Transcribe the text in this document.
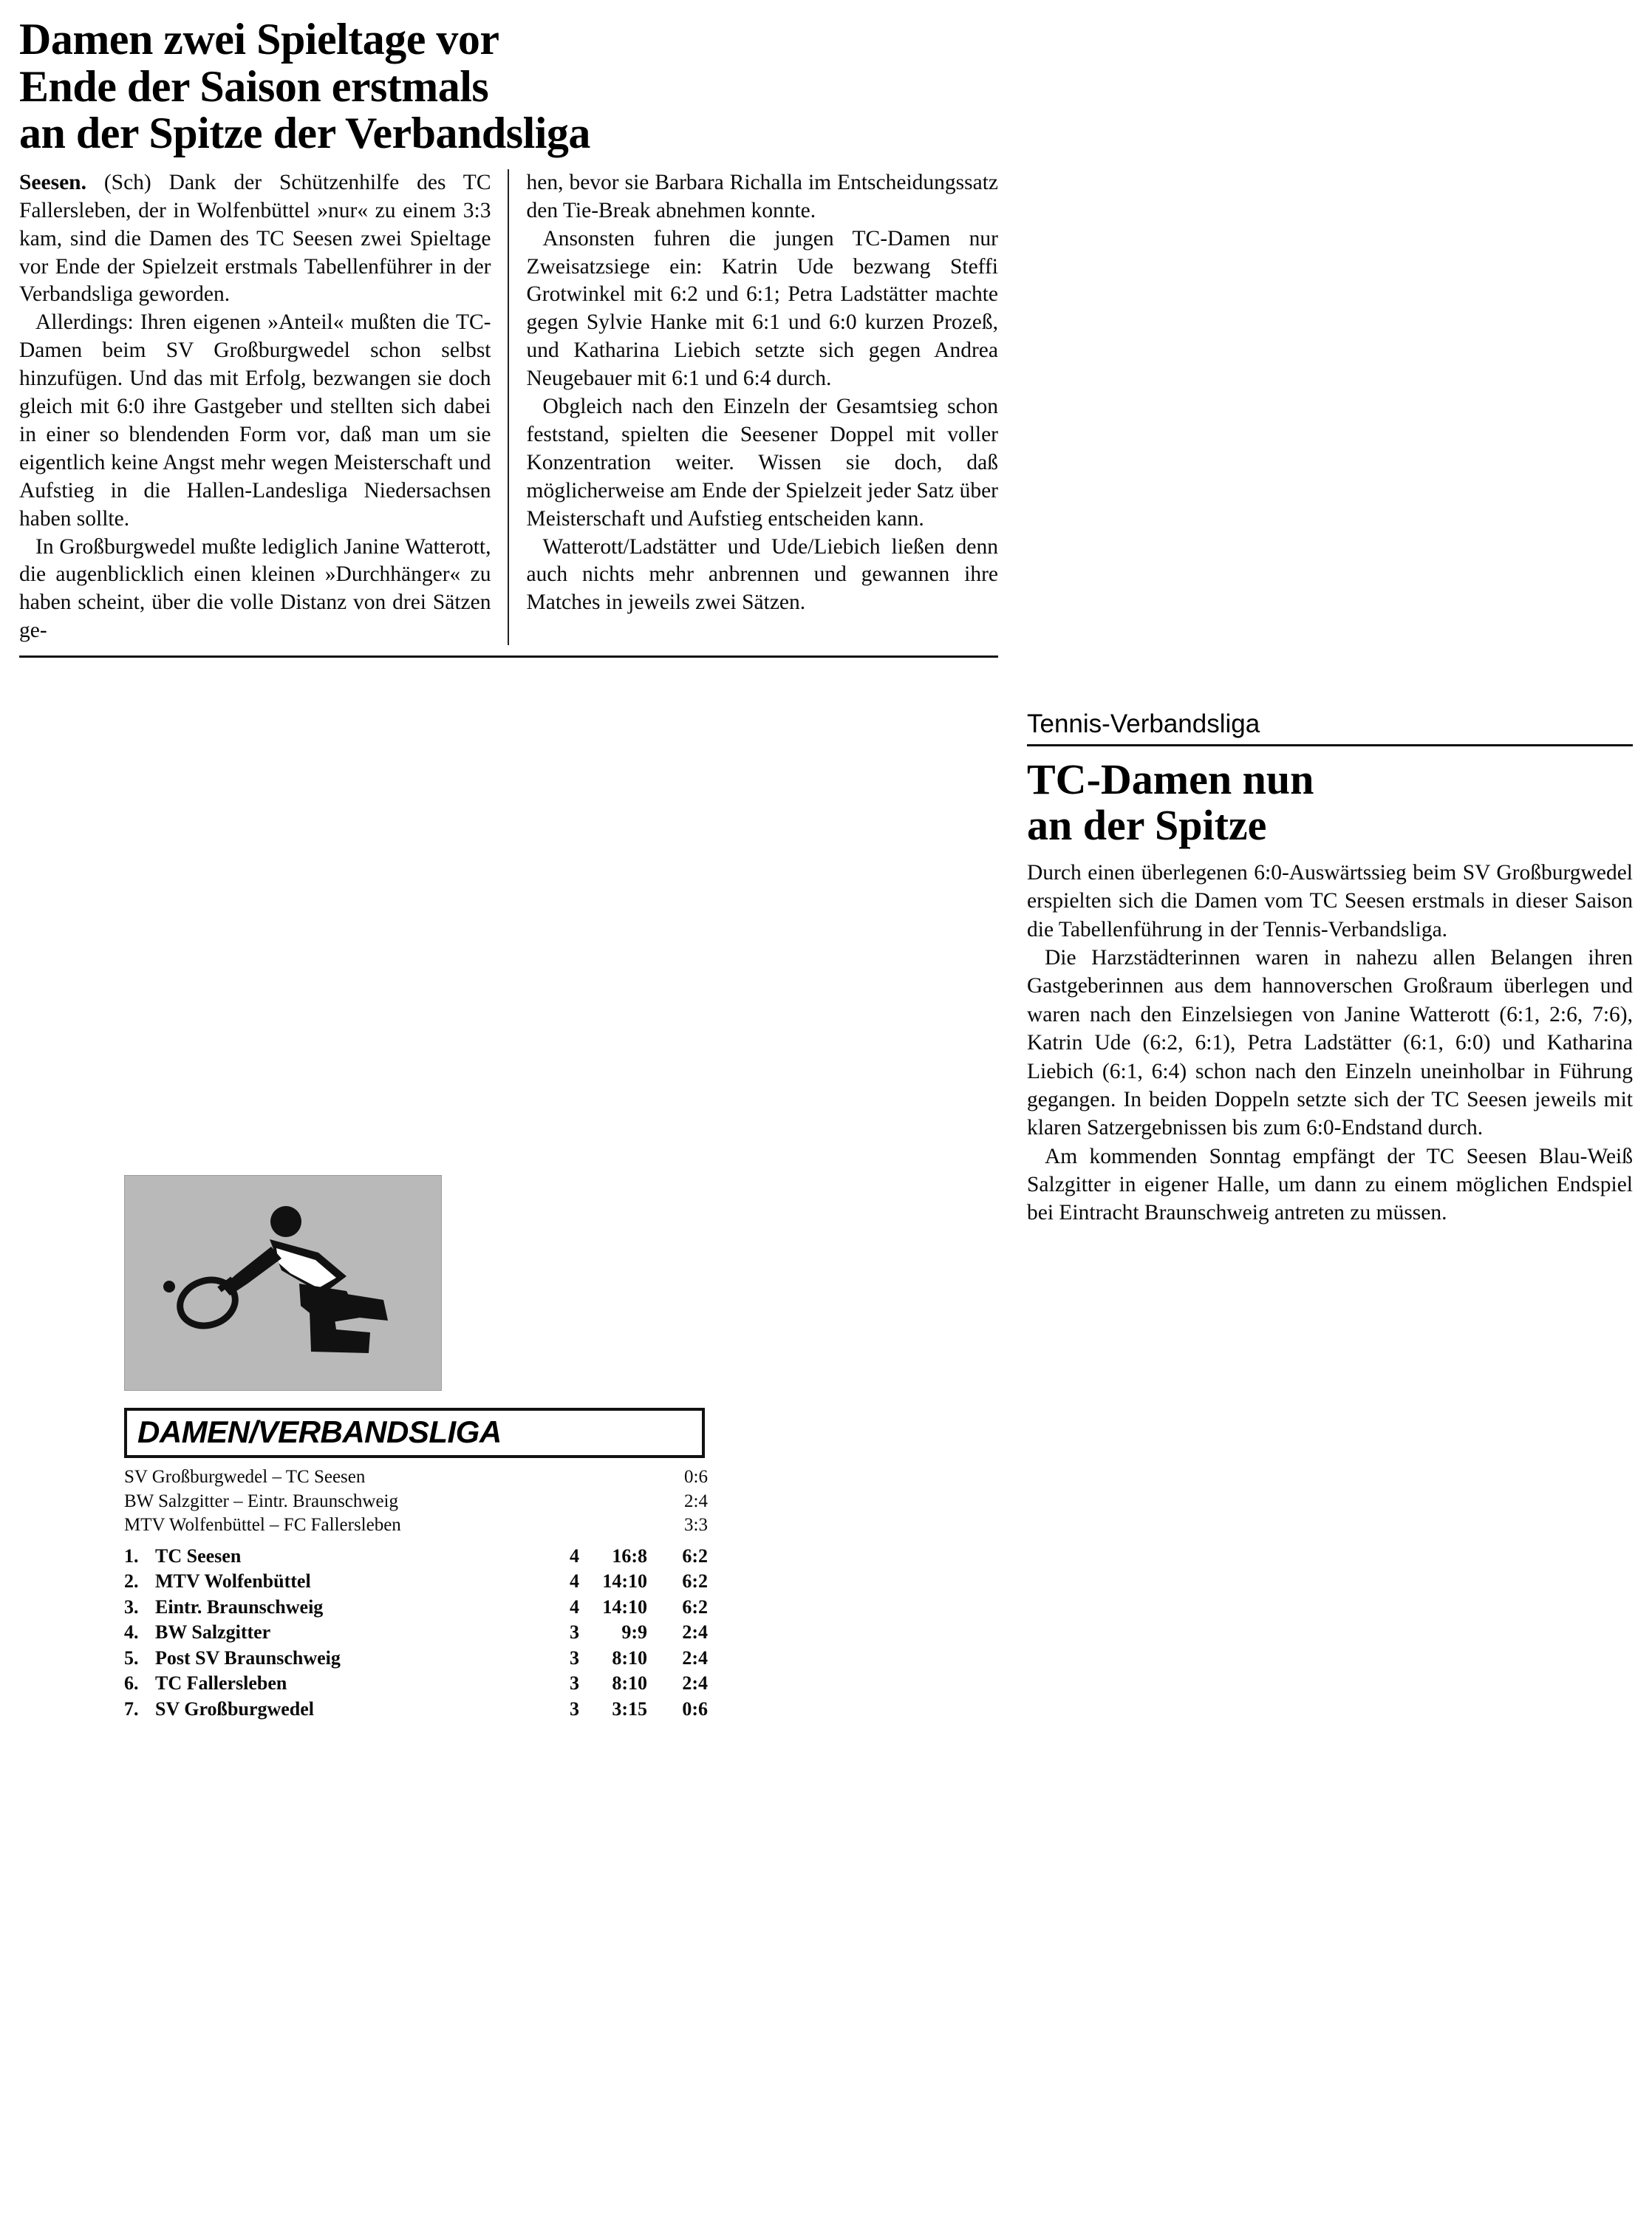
Damen zwei Spieltage vor
Ende der Saison erstmals
an der Spitze der Verbandsliga

Seesen. (Sch) Dank der Schützenhilfe des TC Fallersleben, der in Wolfenbüttel »nur« zu einem 3:3 kam, sind die Damen des TC Seesen zwei Spieltage vor Ende der Spielzeit erstmals Tabellenführer in der Verbandsliga geworden.

Allerdings: Ihren eigenen »Anteil« mußten die TC-Damen beim SV Großburgwedel schon selbst hinzufügen. Und das mit Erfolg, bezwangen sie doch gleich mit 6:0 ihre Gastgeber und stellten sich dabei in einer so blendenden Form vor, daß man um sie eigentlich keine Angst mehr wegen Meisterschaft und Aufstieg in die Hallen-Landesliga Niedersachsen haben sollte.

In Großburgwedel mußte lediglich Janine Watterott, die augenblicklich einen kleinen »Durchhänger« zu haben scheint, über die volle Distanz von drei Sätzen ge-

hen, bevor sie Barbara Richalla im Entscheidungssatz den Tie-Break abnehmen konnte.

Ansonsten fuhren die jungen TC-Damen nur Zweisatzsiege ein: Katrin Ude bezwang Steffi Grotwinkel mit 6:2 und 6:1; Petra Ladstätter machte gegen Sylvie Hanke mit 6:1 und 6:0 kurzen Prozeß, und Katharina Liebich setzte sich gegen Andrea Neugebauer mit 6:1 und 6:4 durch.

Obgleich nach den Einzeln der Gesamtsieg schon feststand, spielten die Seesener Doppel mit voller Konzentration weiter. Wissen sie doch, daß möglicherweise am Ende der Spielzeit jeder Satz über Meisterschaft und Aufstieg entscheiden kann.

Watterott/Ladstätter und Ude/Liebich ließen denn auch nichts mehr anbrennen und gewannen ihre Matches in jeweils zwei Sätzen.

Tennis-Verbandsliga
TC-Damen nun
an der Spitze

Durch einen überlegenen 6:0-Auswärtssieg beim SV Großburgwedel erspielten sich die Damen vom TC Seesen erstmals in dieser Saison die Tabellenführung in der Tennis-Verbandsliga.

Die Harzstädterinnen waren in nahezu allen Belangen ihren Gastgeberinnen aus dem hannoverschen Großraum überlegen und waren nach den Einzelsiegen von Janine Watterott (6:1, 2:6, 7:6), Katrin Ude (6:2, 6:1), Petra Ladstätter (6:1, 6:0) und Katharina Liebich (6:1, 6:4) schon nach den Einzeln uneinholbar in Führung gegangen. In beiden Doppeln setzte sich der TC Seesen jeweils mit klaren Satzergebnissen bis zum 6:0-Endstand durch.

Am kommenden Sonntag empfängt der TC Seesen Blau-Weiß Salzgitter in eigener Halle, um dann zu einem möglichen Endspiel bei Eintracht Braunschweig antreten zu müssen.

DAMEN/VERBANDSLIGA
SV Großburgwedel – TC Seesen	0:6
BW Salzgitter – Eintr. Braunschweig	2:4
MTV Wolfenbüttel – FC Fallersleben	3:3
1. TC Seesen	4	16:8	6:2
2. MTV Wolfenbüttel	4	14:10	6:2
3. Eintr. Braunschweig	4	14:10	6:2
4. BW Salzgitter	3	9:9	2:4
5. Post SV Braunschweig	3	8:10	2:4
6. TC Fallersleben	3	8:10	2:4
7. SV Großburgwedel	3	3:15	0:6
